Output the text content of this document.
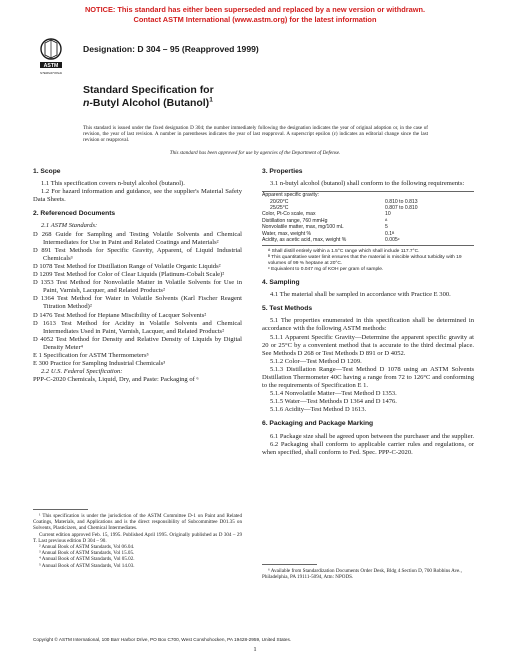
NOTICE: This standard has either been superseded and replaced by a new version or withdrawn.
Contact ASTM International (www.astm.org) for the latest information
ASTM
INTERNATIONAL
Designation: D 304 – 95 (Reapproved 1999)
Standard Specification for
n-Butyl Alcohol (Butanol)$^1$
This standard is issued under the fixed designation D 304; the number immediately following the designation indicates the year of original adoption or, in the case of revision, the year of last revision. A number in parentheses indicates the year of last reapproval. A superscript epsilon (ε) indicates an editorial change since the last revision or reapproval.
This standard has been approved for use by agencies of the Department of Defense.

1. Scope

1.1 This specification covers n-butyl alcohol (butanol).

1.2 For hazard information and guidance, see the supplier's Material Safety Data Sheets.

2. Referenced Documents

2.1 ASTM Standards:

D 268 Guide for Sampling and Testing Volatile Solvents and Chemical Intermediates for Use in Paint and Related Coatings and Materials²

D 891 Test Methods for Specific Gravity, Apparent, of Liquid Industrial Chemicals³

D 1078 Test Method for Distillation Range of Volatile Organic Liquids²

D 1209 Test Method for Color of Clear Liquids (Platinum-Cobalt Scale)²

D 1353 Test Method for Nonvolatile Matter in Volatile Solvents for Use in Paint, Varnish, Lacquer, and Related Products²

D 1364 Test Method for Water in Volatile Solvents (Karl Fischer Reagent Titration Method)²

D 1476 Test Method for Heptane Miscibility of Lacquer Solvents²

D 1613 Test Method for Acidity in Volatile Solvents and Chemical Intermediates Used in Paint, Varnish, Lacquer, and Related Products²

D 4052 Test Method for Density and Relative Density of Liquids by Digital Density Meter⁴

E 1 Specification for ASTM Thermometers⁵

E 300 Practice for Sampling Industrial Chemicals³

2.2 U.S. Federal Specification:

PPP-C-2020 Chemicals, Liquid, Dry, and Paste: Packaging of ⁶

3. Properties

3.1 n-butyl alcohol (butanol) shall conform to the following requirements:

Apparent specific gravity:
20/20°C	0.810 to 0.813
25/25°C	0.807 to 0.810
Color, Pt-Co scale, max	10
Distillation range, 760 mmHg	ᴬ
Nonvolatile matter, max, mg/100 mL	5
Water, max, weight %	0.1ᴮ
Acidity, as acetic acid, max, weight %	0.005ᶜ

ᴬ Shall distill entirely within a 1.5°C range which shall include 117.7°C.

ᴮ This quantitative water limit ensures that the material is miscible without turbidity with 19 volumes of 99 % heptane at 20°C.

ᶜ Equivalent to 0.047 mg of KOH per gram of sample.

4. Sampling

4.1 The material shall be sampled in accordance with Practice E 300.

5. Test Methods

5.1 The properties enumerated in this specification shall be determined in accordance with the following ASTM methods:

5.1.1 Apparent Specific Gravity—Determine the apparent specific gravity at 20 or 25°C by a convenient method that is accurate to the third decimal place. See Methods D 268 or Test Methods D 891 or D 4052.

5.1.2 Color—Test Method D 1209.

5.1.3 Distillation Range—Test Method D 1078 using an ASTM Solvents Distillation Thermometer 40C having a range from 72 to 126°C and conforming to the requirements of Specification E 1.

5.1.4 Nonvolatile Matter—Test Method D 1353.

5.1.5 Water—Test Methods D 1364 and D 1476.

5.1.6 Acidity—Test Method D 1613.

6. Packaging and Package Marking

6.1 Package size shall be agreed upon between the purchaser and the supplier.

6.2 Packaging shall conform to applicable carrier rules and regulations, or when specified, shall conform to Fed. Spec. PPP-C-2020.

¹ This specification is under the jurisdiction of the ASTM Committee D-1 on Paint and Related Coatings, Materials, and Applications and is the direct responsibility of Subcommittee D01.35 on Solvents, Plasticizers, and Chemical Intermediates.

Current edition approved Feb. 15, 1995. Published April 1995. Originally published as D 304 – 29 T. Last previous edition D 304 – 90.

² Annual Book of ASTM Standards, Vol 06.04.

³ Annual Book of ASTM Standards, Vol 15.05.

⁴ Annual Book of ASTM Standards, Vol 05.02.

⁵ Annual Book of ASTM Standards, Vol 14.03.

⁶ Available from Standardization Documents Order Desk, Bldg 4 Section D, 700 Robbins Ave., Philadelphia, PA 19111-5094, Attn: NPODS.

Copyright © ASTM International, 100 Barr Harbor Drive, PO Box C700, West Conshohocken, PA 19428-2959, United States.
1
